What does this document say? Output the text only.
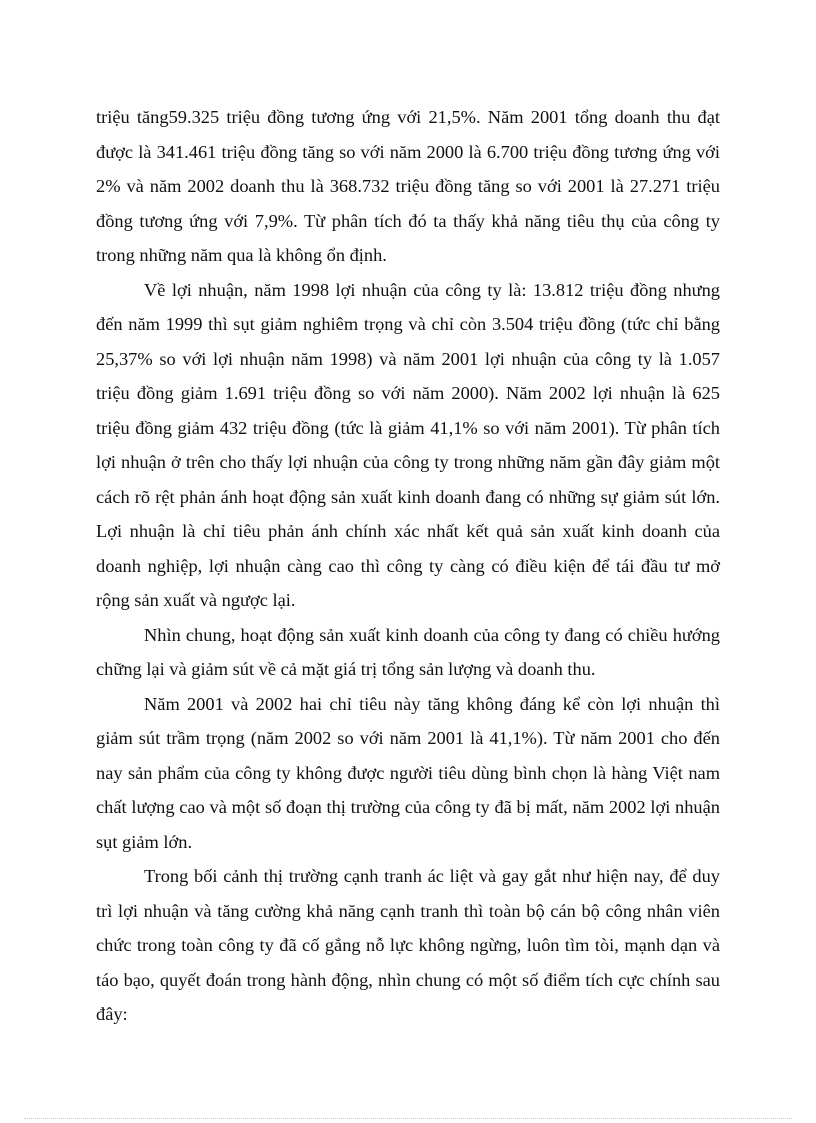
triệu tăng59.325 triệu đồng tương ứng với 21,5%. Năm 2001 tổng doanh thu đạt được là 341.461 triệu đồng tăng so với năm 2000 là 6.700 triệu đồng tương ứng với 2% và năm 2002 doanh thu là 368.732 triệu đồng tăng so với 2001 là 27.271 triệu đồng tương ứng với 7,9%. Từ phân tích đó ta thấy khả năng tiêu thụ của công ty trong những năm qua là không ổn định.

Về lợi nhuận, năm 1998 lợi nhuận của công ty là: 13.812 triệu đồng nhưng đến năm 1999 thì sụt giảm nghiêm trọng và chỉ còn 3.504 triệu đồng (tức chỉ bằng 25,37% so với lợi nhuận năm 1998) và năm 2001 lợi nhuận của công ty là 1.057 triệu đồng giảm 1.691 triệu đồng so với năm 2000). Năm 2002 lợi nhuận là 625 triệu đồng giảm 432 triệu đồng (tức là giảm 41,1% so với năm 2001). Từ phân tích lợi nhuận ở trên cho thấy lợi nhuận của công ty trong những năm gần đây giảm một cách rõ rệt phản ánh hoạt động sản xuất kinh doanh đang có những sự giảm sút lớn. Lợi nhuận là chỉ tiêu phản ánh chính xác nhất kết quả sản xuất kinh doanh của doanh nghiệp, lợi nhuận càng cao thì công ty càng có điều kiện để tái đầu tư mở rộng sản xuất và ngược lại.

Nhìn chung, hoạt động sản xuất kinh doanh của công ty đang có chiều hướng chững lại và giảm sút về cả mặt giá trị tổng sản lượng và doanh thu.

Năm 2001 và 2002 hai chỉ tiêu này tăng không đáng kể còn lợi nhuận thì giảm sút trầm trọng (năm 2002 so với năm 2001 là 41,1%). Từ năm 2001 cho đến nay sản phẩm của công ty không được người tiêu dùng bình chọn là hàng Việt nam chất lượng cao và một số đoạn thị trường của công ty đã bị mất, năm 2002 lợi nhuận sụt giảm lớn.

Trong bối cảnh thị trường cạnh tranh ác liệt và gay gắt như hiện nay, để duy trì lợi nhuận và tăng cường khả năng cạnh tranh thì toàn bộ cán bộ công nhân viên chức trong toàn công ty đã cố gắng nỗ lực không ngừng, luôn tìm tòi, mạnh dạn và táo bạo, quyết đoán trong hành động, nhìn chung có một số điểm tích cực chính sau đây:
